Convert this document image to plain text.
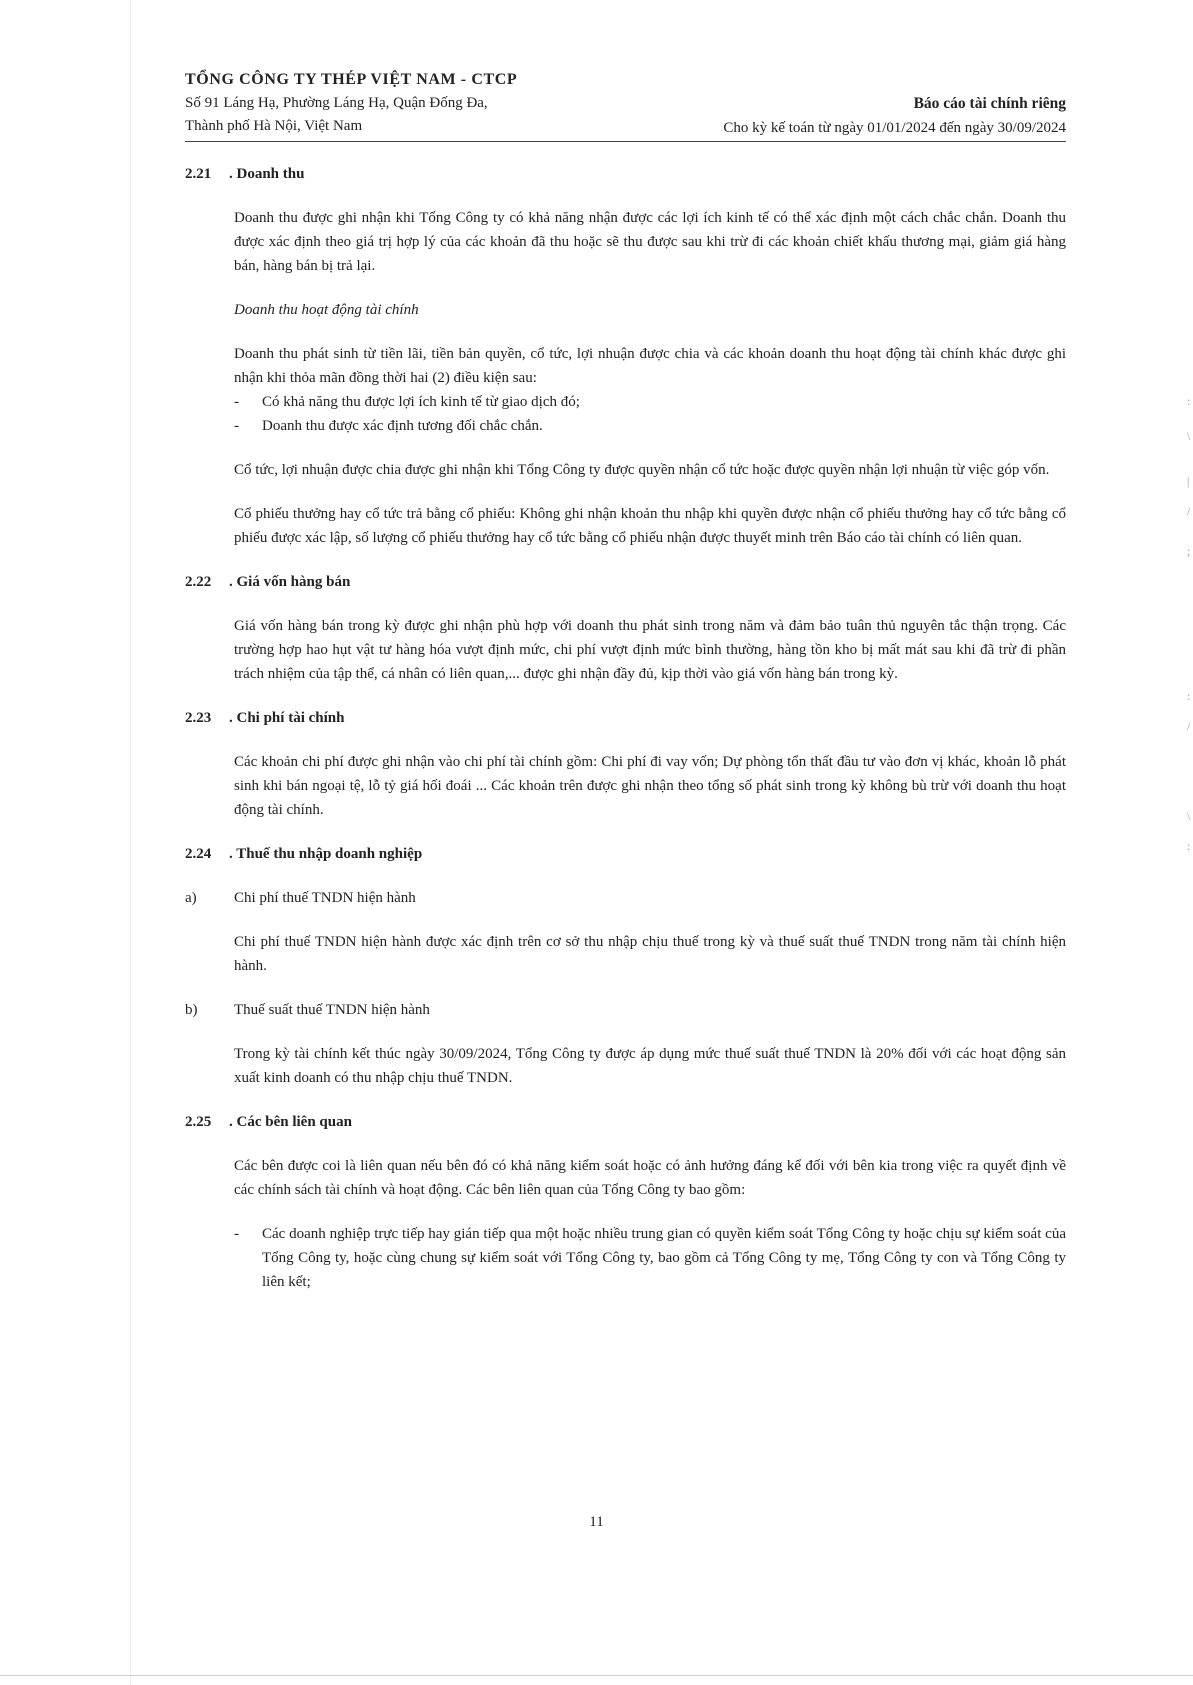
TỔNG CÔNG TY THÉP VIỆT NAM - CTCP
Số 91 Láng Hạ, Phường Láng Hạ, Quận Đống Đa,
Thành phố Hà Nội, Việt Nam
Báo cáo tài chính riêng
Cho kỳ kế toán từ ngày 01/01/2024 đến ngày 30/09/2024
2.21	. Doanh thu

Doanh thu được ghi nhận khi Tổng Công ty có khả năng nhận được các lợi ích kinh tế có thể xác định một cách chắc chắn. Doanh thu được xác định theo giá trị hợp lý của các khoản đã thu hoặc sẽ thu được sau khi trừ đi các khoản chiết khấu thương mại, giảm giá hàng bán, hàng bán bị trả lại.

Doanh thu hoạt động tài chính

Doanh thu phát sinh từ tiền lãi, tiền bản quyền, cổ tức, lợi nhuận được chia và các khoản doanh thu hoạt động tài chính khác được ghi nhận khi thỏa mãn đồng thời hai (2) điều kiện sau:

-	Có khả năng thu được lợi ích kinh tế từ giao dịch đó;
-	Doanh thu được xác định tương đối chắc chắn.

Cổ tức, lợi nhuận được chia được ghi nhận khi Tổng Công ty được quyền nhận cổ tức hoặc được quyền nhận lợi nhuận từ việc góp vốn.

Cổ phiếu thưởng hay cổ tức trả bằng cổ phiếu: Không ghi nhận khoản thu nhập khi quyền được nhận cổ phiếu thưởng hay cổ tức bằng cổ phiếu được xác lập, số lượng cổ phiếu thưởng hay cổ tức bằng cổ phiếu nhận được thuyết minh trên Báo cáo tài chính có liên quan.

2.22	. Giá vốn hàng bán

Giá vốn hàng bán trong kỳ được ghi nhận phù hợp với doanh thu phát sinh trong năm và đảm bảo tuân thủ nguyên tắc thận trọng. Các trường hợp hao hụt vật tư hàng hóa vượt định mức, chi phí vượt định mức bình thường, hàng tồn kho bị mất mát sau khi đã trừ đi phần trách nhiệm của tập thể, cá nhân có liên quan,... được ghi nhận đầy đủ, kịp thời vào giá vốn hàng bán trong kỳ.

2.23	. Chi phí tài chính

Các khoản chi phí được ghi nhận vào chi phí tài chính gồm: Chi phí đi vay vốn; Dự phòng tổn thất đầu tư vào đơn vị khác, khoản lỗ phát sinh khi bán ngoại tệ, lỗ tỷ giá hối đoái ... Các khoản trên được ghi nhận theo tổng số phát sinh trong kỳ không bù trừ với doanh thu hoạt động tài chính.

2.24	. Thuế thu nhập doanh nghiệp
a)	Chi phí thuế TNDN hiện hành

Chi phí thuế TNDN hiện hành được xác định trên cơ sở thu nhập chịu thuế trong kỳ và thuế suất thuế TNDN trong năm tài chính hiện hành.

b)	Thuế suất thuế TNDN hiện hành

Trong kỳ tài chính kết thúc ngày 30/09/2024, Tổng Công ty được áp dụng mức thuế suất thuế TNDN là 20% đối với các hoạt động sản xuất kinh doanh có thu nhập chịu thuế TNDN.

2.25	. Các bên liên quan

Các bên được coi là liên quan nếu bên đó có khả năng kiểm soát hoặc có ảnh hưởng đáng kể đối với bên kia trong việc ra quyết định về các chính sách tài chính và hoạt động. Các bên liên quan của Tổng Công ty bao gồm:

-	Các doanh nghiệp trực tiếp hay gián tiếp qua một hoặc nhiều trung gian có quyền kiểm soát Tổng Công ty hoặc chịu sự kiểm soát của Tổng Công ty, hoặc cùng chung sự kiểm soát với Tổng Công ty, bao gồm cả Tổng Công ty mẹ, Tổng Công ty con và Tổng Công ty liên kết;
11
:
\
|
/
;
:
/
\
:
